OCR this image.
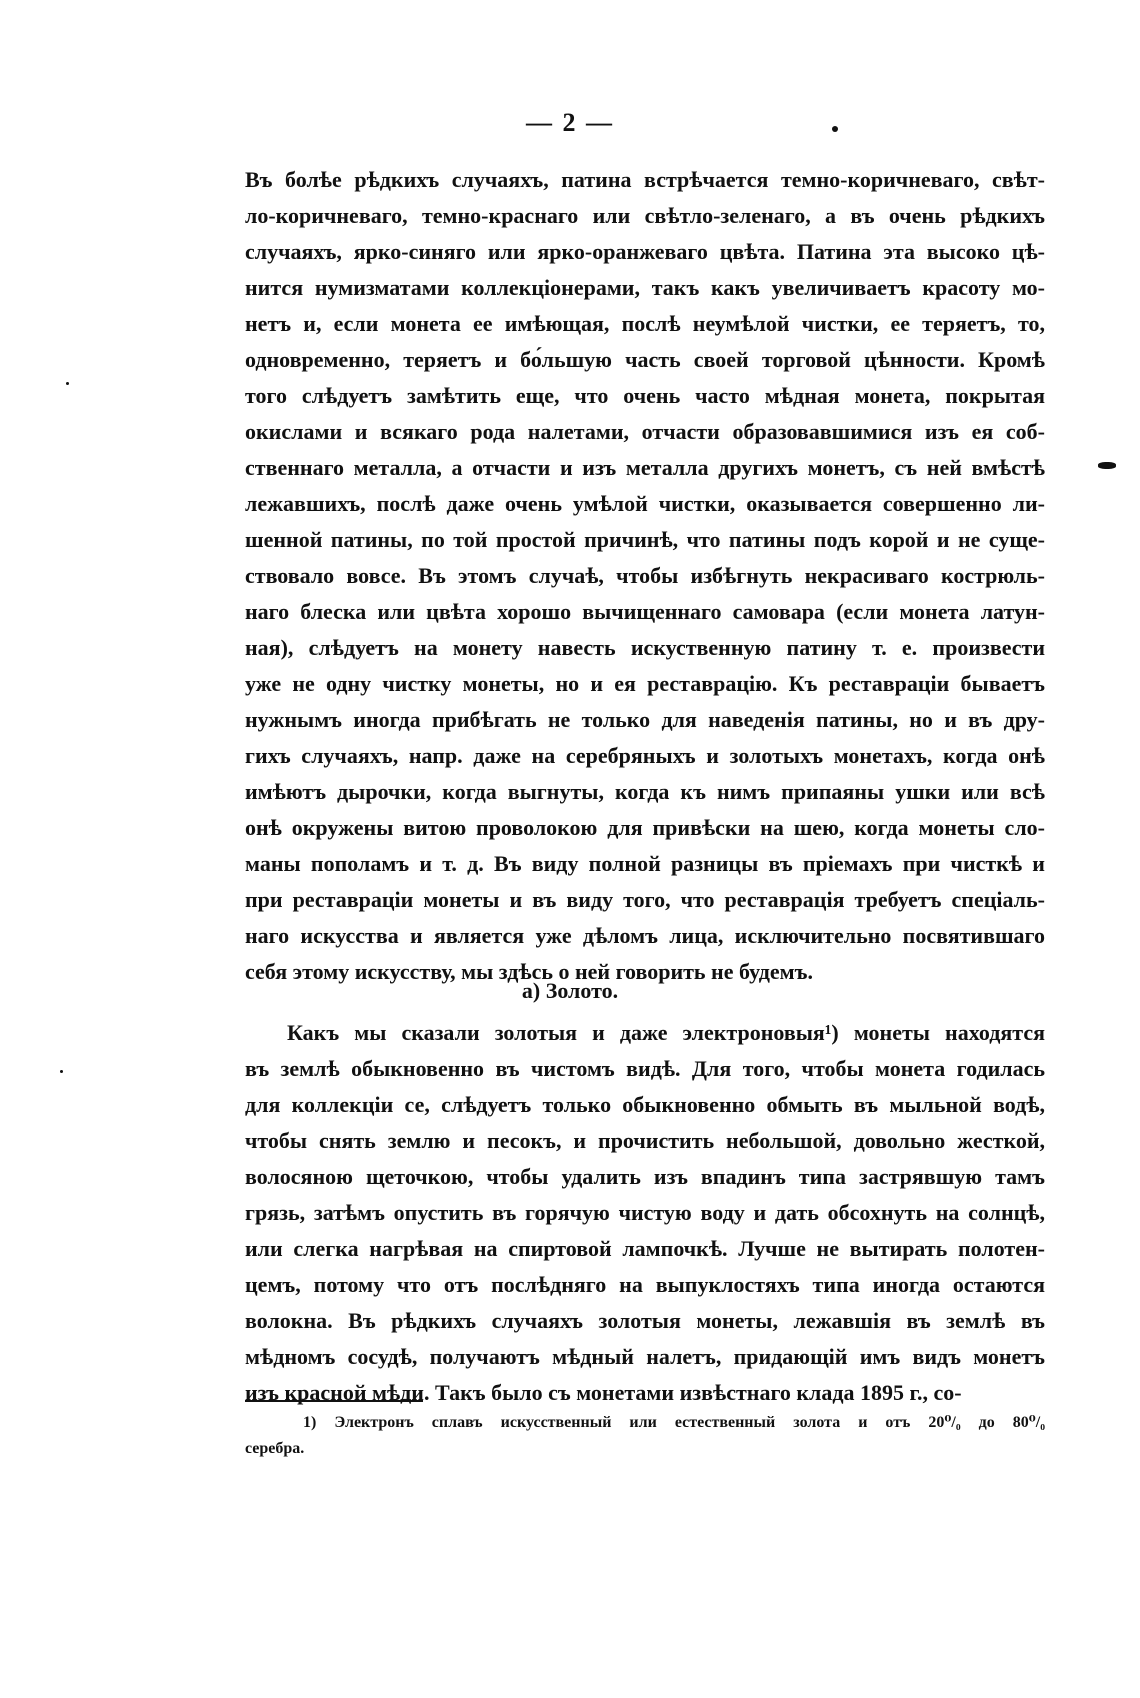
— 2 —
Въ болѣе рѣдкихъ случаяхъ, патина встрѣчается темно-коричневаго, свѣт-
ло-коричневаго, темно-краснаго или свѣтло-зеленаго, а въ очень рѣдкихъ
случаяхъ, ярко-синяго или ярко-оранжеваго цвѣта. Патина эта высоко цѣ-
нится нумизматами коллекціонерами, такъ какъ увеличиваетъ красоту мо-
нетъ и, если монета ее имѣющая, послѣ неумѣлой чистки, ее теряетъ, то,
одновременно, теряетъ и бо́льшую часть своей торговой цѣнности. Кромѣ
того слѣдуетъ замѣтить еще, что очень часто мѣдная монета, покрытая
окислами и всякаго рода налетами, отчасти образовавшимися изъ ея соб-
ственнаго металла, а отчасти и изъ металла другихъ монетъ, съ ней вмѣстѣ
лежавшихъ, послѣ даже очень умѣлой чистки, оказывается совершенно ли-
шенной патины, по той простой причинѣ, что патины подъ корой и не суще-
ствовало вовсе. Въ этомъ случаѣ, чтобы избѣгнуть некрасиваго кострюль-
наго блеска или цвѣта хорошо вычищеннаго самовара (если монета латун-
ная), слѣдуетъ на монету навесть искуственную патину т. е. произвести
уже не одну чистку монеты, но и ея реставрацію. Къ реставраціи бываетъ
нужнымъ иногда прибѣгать не только для наведенія патины, но и въ дру-
гихъ случаяхъ, напр. даже на серебряныхъ и золотыхъ монетахъ, когда онѣ
имѣютъ дырочки, когда выгнуты, когда къ нимъ припаяны ушки или всѣ
онѣ окружены витою проволокою для привѣски на шею, когда монеты сло-
маны пополамъ и т. д. Въ виду полной разницы въ пріемахъ при чисткѣ и
при реставраціи монеты и въ виду того, что реставрація требуетъ спеціаль-
наго искусства и является уже дѣломъ лица, исключительно посвятившаго
себя этому искусству, мы здѣсь о ней говорить не будемъ.
а) Золото.
Какъ мы сказали золотыя и даже электроновыя¹) монеты находятся
въ землѣ обыкновенно въ чистомъ видѣ. Для того, чтобы монета годилась
для коллекціи се, слѣдуетъ только обыкновенно обмыть въ мыльной водѣ,
чтобы снять землю и песокъ, и прочистить небольшой, довольно жесткой,
волосяною щеточкою, чтобы удалить изъ впадинъ типа застрявшую тамъ
грязь, затѣмъ опустить въ горячую чистую воду и дать обсохнуть на солнцѣ,
или слегка нагрѣвая на спиртовой лампочкѣ. Лучше не вытирать полотен-
цемъ, потому что отъ послѣдняго на выпуклостяхъ типа иногда остаются
волокна. Въ рѣдкихъ случаяхъ золотыя монеты, лежавшія въ землѣ въ
мѣдномъ сосудѣ, получаютъ мѣдный налетъ, придающій имъ видъ монетъ
изъ красной мѣди. Такъ было съ монетами извѣстнаго клада 1895 г., со-
1) Электронъ сплавъ искусственный или естественный золота и отъ 20⁰/₀ до 80⁰/₀
серебра.
